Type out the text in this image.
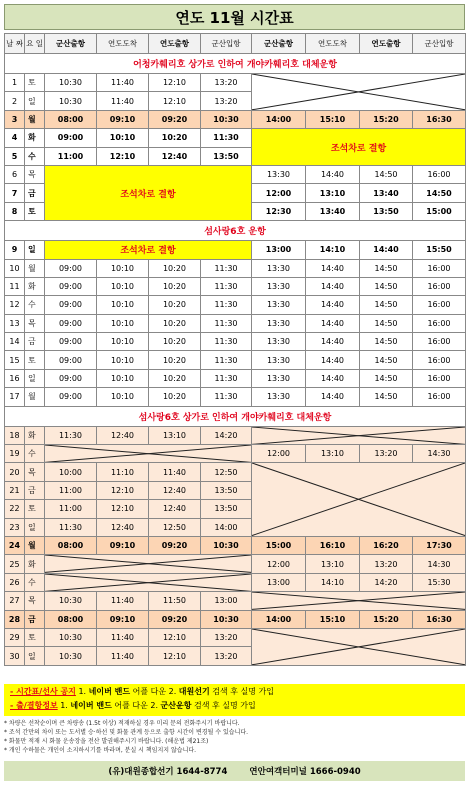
연도 11월 시간표
날 짜	요 일	군산출항	연도도착	연도출항	군산입항	군산출항	연도도착	연도출항	군산입항
어청카훼리호 상가로 인하여 개야카훼리호 대체운항									
1	토	10:30	11:40	12:10	13:20	

2	일	10:30	11:40	12:10	13:20				
3	월	08:00	09:10	09:20	10:30	14:00	15:10	15:20	16:30
4	화	09:00	10:10	10:20	11:30	조석차로 결항			
5	수	11:00	12:10	12:40	13:50				
6	목	조석차로 결항				13:30	14:40	14:50	16:00
7	금					12:00	13:10	13:40	14:50
8	토					12:30	13:40	13:50	15:00
섬사랑6호 운항									
9	일	조석차로 결항				13:00	14:10	14:40	15:50
10	월	09:00	10:10	10:20	11:30	13:30	14:40	14:50	16:00
11	화	09:00	10:10	10:20	11:30	13:30	14:40	14:50	16:00
12	수	09:00	10:10	10:20	11:30	13:30	14:40	14:50	16:00
13	목	09:00	10:10	10:20	11:30	13:30	14:40	14:50	16:00
14	금	09:00	10:10	10:20	11:30	13:30	14:40	14:50	16:00
15	토	09:00	10:10	10:20	11:30	13:30	14:40	14:50	16:00
16	일	09:00	10:10	10:20	11:30	13:30	14:40	14:50	16:00
17	월	09:00	10:10	10:20	11:30	13:30	14:40	14:50	16:00
섬사랑6호 상가로 인하여 개야카훼리호 대체운항									
18	화	11:30	12:40	13:10	14:20	

19	수					12:00	13:10	13:20	14:30
20	목	10:00	11:10	11:40	12:50	

21	금	11:00	12:10	12:40	13:50				
22	토	11:00	12:10	12:40	13:50				
23	일	11:30	12:40	12:50	14:00				
24	월	08:00	09:10	09:20	10:30	15:00	16:10	16:20	17:30
25	화					12:00	13:10	13:20	14:30
26	수					13:00	14:10	14:20	15:30
27	목	10:30	11:40	11:50	13:00	

28	금	08:00	09:10	09:20	10:30	14:00	15:10	15:20	16:30
29	토	10:30	11:40	12:10	13:20	

30	일	10:30	11:40	12:10	13:20				
- 시간표/선사 공지 1. 네이버 밴드 어플 다운 2. 대원선기 검색 후 실명 가입
- 출/결항정보 1. 네이버 밴드 어플 다운 2. 군산운항 검색 후 실명 가입
* 차량은 선착순이며 큰 차량송 (1.5t 이상) 적재하실 경우 미리 문의 전화주시기 바랍니다.
* 조석 간만의 차이 또는 도서별 승·하선 및 화물 관계 등으로 출항 시간이 변경될 수 있습니다.
* 화물만 적재 시 화물 운송장을 전산 발권해주시기 바랍니다. (해운법 제21조)
* 개인 수하물은 개인이 소지하시기를 바라며, 분실 시 책임지지 않습니다.
(유)대원종합선기 1644-8774	연안여객터미널 1666-0940
